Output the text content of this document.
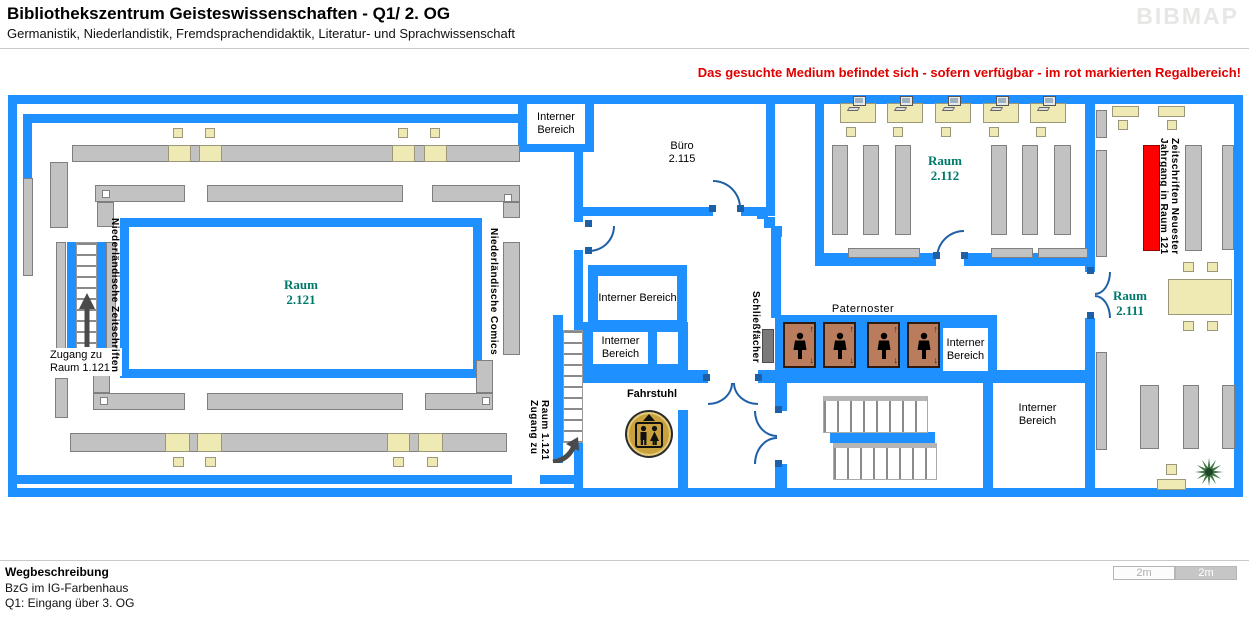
Bibliothekszentrum Geisteswissenschaften - Q1/ 2. OG
Germanistik, Niederlandistik, Fremdsprachendidaktik, Literatur- und Sprachwissenschaft
BIBMAP
Das gesuchte Medium befindet sich - sofern verfügbar - im rot markierten Regalbereich!
↑
↓
↑
↓
↑
↓
↑
↓
Interner Bereich
Interner Bereich
Interner Bereich
Interner Bereich
Interner Bereich
Raum
2.121
Raum
2.112
Raum
2.111
Büro
2.115
Paternoster
Fahrstuhl
Zugang zu Raum 1.121 Niederländische Zeitschriften	Niederländische Comics	Schließfächer
Zeitschriften Neuester
Jahrgang in Raum 121
Zugang zu Raum 1.121
Wegbeschreibung
BzG im IG-Farbenhaus
Q1: Eingang über 3. OG
2m	2m
